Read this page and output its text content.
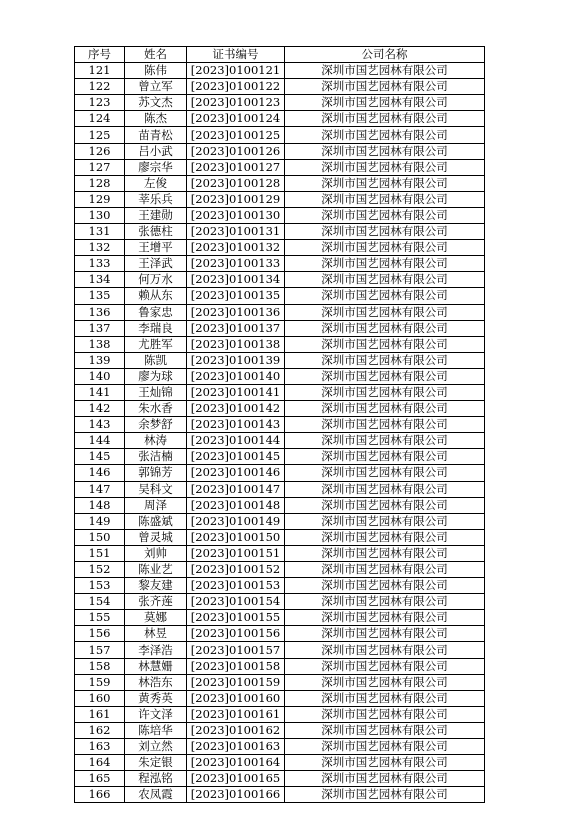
序号	姓名	证书编号	公司名称
121	陈伟	[2023]0100121	深圳市国艺园林有限公司
122	曾立军	[2023]0100122	深圳市国艺园林有限公司
123	苏文杰	[2023]0100123	深圳市国艺园林有限公司
124	陈杰	[2023]0100124	深圳市国艺园林有限公司
125	苗青松	[2023]0100125	深圳市国艺园林有限公司
126	吕小武	[2023]0100126	深圳市国艺园林有限公司
127	廖宗华	[2023]0100127	深圳市国艺园林有限公司
128	左俊	[2023]0100128	深圳市国艺园林有限公司
129	莘乐兵	[2023]0100129	深圳市国艺园林有限公司
130	王建勋	[2023]0100130	深圳市国艺园林有限公司
131	张德柱	[2023]0100131	深圳市国艺园林有限公司
132	王增平	[2023]0100132	深圳市国艺园林有限公司
133	王泽武	[2023]0100133	深圳市国艺园林有限公司
134	何万水	[2023]0100134	深圳市国艺园林有限公司
135	赖从东	[2023]0100135	深圳市国艺园林有限公司
136	鲁家忠	[2023]0100136	深圳市国艺园林有限公司
137	李瑞良	[2023]0100137	深圳市国艺园林有限公司
138	尤胜军	[2023]0100138	深圳市国艺园林有限公司
139	陈凯	[2023]0100139	深圳市国艺园林有限公司
140	廖为球	[2023]0100140	深圳市国艺园林有限公司
141	王灿锦	[2023]0100141	深圳市国艺园林有限公司
142	朱水香	[2023]0100142	深圳市国艺园林有限公司
143	余梦舒	[2023]0100143	深圳市国艺园林有限公司
144	林涛	[2023]0100144	深圳市国艺园林有限公司
145	张洁楠	[2023]0100145	深圳市国艺园林有限公司
146	郭锦芳	[2023]0100146	深圳市国艺园林有限公司
147	吴科文	[2023]0100147	深圳市国艺园林有限公司
148	周泽	[2023]0100148	深圳市国艺园林有限公司
149	陈盛斌	[2023]0100149	深圳市国艺园林有限公司
150	曾灵城	[2023]0100150	深圳市国艺园林有限公司
151	刘帅	[2023]0100151	深圳市国艺园林有限公司
152	陈业艺	[2023]0100152	深圳市国艺园林有限公司
153	黎友建	[2023]0100153	深圳市国艺园林有限公司
154	张齐莲	[2023]0100154	深圳市国艺园林有限公司
155	莫娜	[2023]0100155	深圳市国艺园林有限公司
156	林昱	[2023]0100156	深圳市国艺园林有限公司
157	李泽浩	[2023]0100157	深圳市国艺园林有限公司
158	林慧姗	[2023]0100158	深圳市国艺园林有限公司
159	林浩东	[2023]0100159	深圳市国艺园林有限公司
160	黄秀英	[2023]0100160	深圳市国艺园林有限公司
161	许文泽	[2023]0100161	深圳市国艺园林有限公司
162	陈培华	[2023]0100162	深圳市国艺园林有限公司
163	刘立然	[2023]0100163	深圳市国艺园林有限公司
164	朱定银	[2023]0100164	深圳市国艺园林有限公司
165	程泓铭	[2023]0100165	深圳市国艺园林有限公司
166	农凤霞	[2023]0100166	深圳市国艺园林有限公司
